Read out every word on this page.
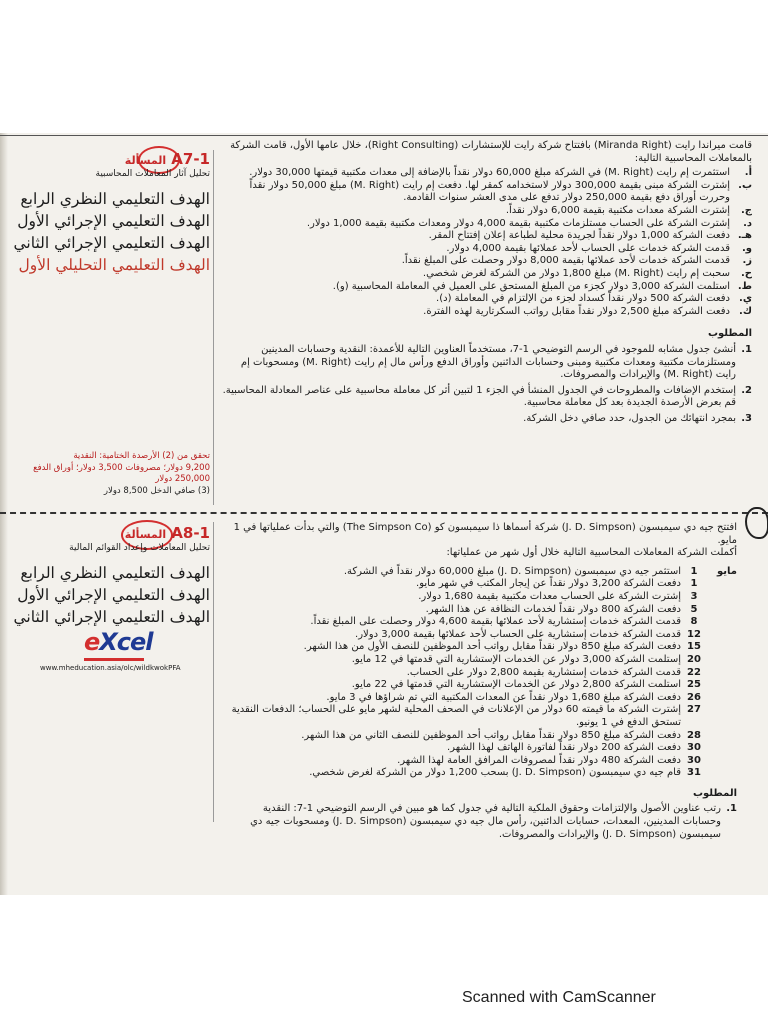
A7-1 المسألة
تحليل آثار المعاملات المحاسبية
الهدف التعليمي النظري الرابع
الهدف التعليمي الإجرائي الأول
الهدف التعليمي الإجرائي الثاني
الهدف التعليمي التحليلي الأول
تحقق من (2) الأرصدة الختامية: النقدية
9,200 دولار؛ مصروفات 3,500 دولار؛ أوراق الدفع
250,000 دولار
(3) صافي الدخل 8,500 دولار

قامت ميراندا رايت (Miranda Right) بافتتاح شركة رايت للإستشارات (Right Consulting)، خلال عامها الأول، قامت الشركة

بالمعاملات المحاسبية التالية:

أ.
استثمرت إم رايت (M. Right) في الشركة مبلغ 60,000 دولار نقداً بالإضافة إلى معدات مكتبية قيمتها 30,000 دولار.
ب.
إشترت الشركة مبنى بقيمة 300,000 دولار لاستخدامه كمقر لها. دفعت إم رايت (M. Right) مبلغ 50,000 دولار نقداً وحررت أوراق دفع بقيمة 250,000 دولار تدفع على مدى العشر سنوات القادمة.
ج.
إشترت الشركة معدات مكتبية بقيمة 6,000 دولار نقداً.
د.
إشترت الشركة على الحساب مستلزمات مكتبية بقيمة 4,000 دولار ومعدات مكتبية بقيمة 1,000 دولار.
هـ.
دفعت الشركة 1,000 دولار نقداً لجريدة محلية لطباعة إعلان إفتتاح المقر.
و.
قدمت الشركة خدمات على الحساب لأحد عملائها بقيمة 4,000 دولار.
ز.
قدمت الشركة خدمات لأحد عملائها بقيمة 8,000 دولار وحصلت على المبلغ نقداً.
ح.
سحبت إم رايت (M. Right) مبلغ 1,800 دولار من الشركة لغرض شخصي.
ط.
استلمت الشركة 3,000 دولار كجزء من المبلغ المستحق على العميل في المعاملة المحاسبية (و).
ي.
دفعت الشركة 500 دولار نقداً كسداد لجزء من الإلتزام في المعاملة (د).
ك.
دفعت الشركة مبلغ 2,500 دولار نقداً مقابل رواتب السكرتارية لهذه الفترة.
المطلوب
1.
أنشئ جدول مشابه للموجود في الرسم التوضيحي 1-7، مستخدماً العناوين التالية للأعمدة: النقدية وحسابات المدينين ومستلزمات مكتبية ومعدات مكتبية ومبنى وحسابات الدائنين وأوراق الدفع ورأس مال إم رايت (M. Right) ومسحوبات إم رايت (M. Right) والإيرادات والمصروفات.
2.
إستخدم الإضافات والمطروحات في الجدول المنشأ في الجزء 1 لتبين أثر كل معاملة محاسبية على عناصر المعادلة المحاسبية. قم بعرض الأرصدة الجديدة بعد كل معاملة محاسبية.
3.
بمجرد انتهائك من الجدول، حدد صافي دخل الشركة.
A8-1 المسألة
تحليل المعاملات وإعداد القوائم المالية
الهدف التعليمي النظري الرابع
الهدف التعليمي الإجرائي الأول
الهدف التعليمي الإجرائي الثاني
eXcel
www.mheducation.asia/olc/wildkwokPFA

افتتح جيه دي سيمبسون (J. D. Simpson) شركة أسماها ذا سيمبسون كو (The Simpson Co) والتي بدأت عملياتها في 1 مايو.

أكملت الشركة المعاملات المحاسبية التالية خلال أول شهر من عملياتها:

مايو
1
استثمر جيه دي سيمبسون (J. D. Simpson) مبلغ 60,000 دولار نقداً في الشركة.
1
دفعت الشركة 3,200 دولار نقداً عن إيجار المكتب في شهر مايو.
3
إشترت الشركة على الحساب معدات مكتبية بقيمة 1,680 دولار.
5
دفعت الشركة 800 دولار نقداً لخدمات النظافة عن هذا الشهر.
8
قدمت الشركة خدمات إستشارية لأحد عملائها بقيمة 4,600 دولار وحصلت على المبلغ نقداً.
12
قدمت الشركة خدمات إستشارية على الحساب لأحد عملائها بقيمة 3,000 دولار.
15
دفعت الشركة مبلغ 850 دولار نقداً مقابل رواتب أحد الموظفين للنصف الأول من هذا الشهر.
20
إستلمت الشركة 3,000 دولار عن الخدمات الإستشارية التي قدمتها في 12 مايو.
22
قدمت الشركة خدمات إستشارية بقيمة 2,800 دولار على الحساب.
25
استلمت الشركة 2,800 دولار عن الخدمات الإستشارية التي قدمتها في 22 مايو.
26
دفعت الشركة مبلغ 1,680 دولار نقداً عن المعدات المكتبية التي تم شراؤها في 3 مايو.
27
إشترت الشركة ما قيمته 60 دولار من الإعلانات في الصحف المحلية لشهر مايو على الحساب؛ الدفعات النقدية تستحق الدفع في 1 يونيو.
28
دفعت الشركة مبلغ 850 دولار نقداً مقابل رواتب أحد الموظفين للنصف الثاني من هذا الشهر.
30
دفعت الشركة 200 دولار نقداً لفاتورة الهاتف لهذا الشهر.
30
دفعت الشركة 480 دولار نقداً لمصروفات المرافق العامة لهذا الشهر.
31
قام جيه دي سيمبسون (J. D. Simpson) بسحب 1,200 دولار من الشركة لغرض شخصي.
المطلوب
1.
رتب عناوين الأصول والإلتزامات وحقوق الملكية التالية في جدول كما هو مبين في الرسم التوضيحي 1-7: النقدية وحسابات المدينين، المعدات، حسابات الدائنين، رأس مال جيه دي سيمبسون (J. D. Simpson) ومسحوبات جيه دي سيمبسون (J. D. Simpson) والإيرادات والمصروفات.
Scanned with CamScanner
